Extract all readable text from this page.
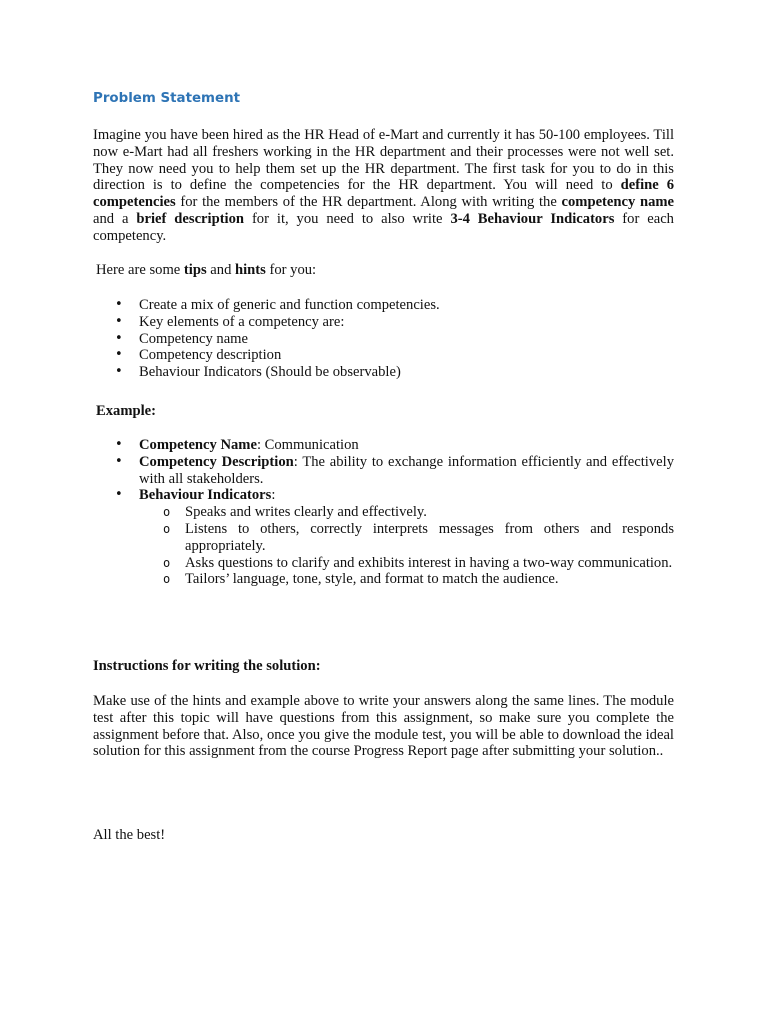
Problem Statement

Imagine you have been hired as the HR Head of e-Mart and currently it has 50-100 employees. Till now e-Mart had all freshers working in the HR department and their processes were not well set. They now need you to help them set up the HR department. The first task for you to do in this direction is to define the competencies for the HR department. You will need to define 6 competencies for the members of the HR department. Along with writing the competency name and a brief description for it, you need to also write 3-4 Behaviour Indicators for each competency.

Here are some tips and hints for you:

• Create a mix of generic and function competencies.
• Key elements of a competency are:
• Competency name
• Competency description
• Behaviour Indicators (Should be observable)

Example:

• Competency Name: Communication
• Competency Description: The ability to exchange information efficiently and effectively with all stakeholders.
• Behaviour Indicators:
o Speaks and writes clearly and effectively.
o Listens to others, correctly interprets messages from others and responds appropriately.
o Asks questions to clarify and exhibits interest in having a two-way communication.
o Tailors’ language, tone, style, and format to match the audience.

Instructions for writing the solution:

Make use of the hints and example above to write your answers along the same lines. The module test after this topic will have questions from this assignment, so make sure you complete the assignment before that. Also, once you give the module test, you will be able to download the ideal solution for this assignment from the course Progress Report page after submitting your solution..

All the best!
